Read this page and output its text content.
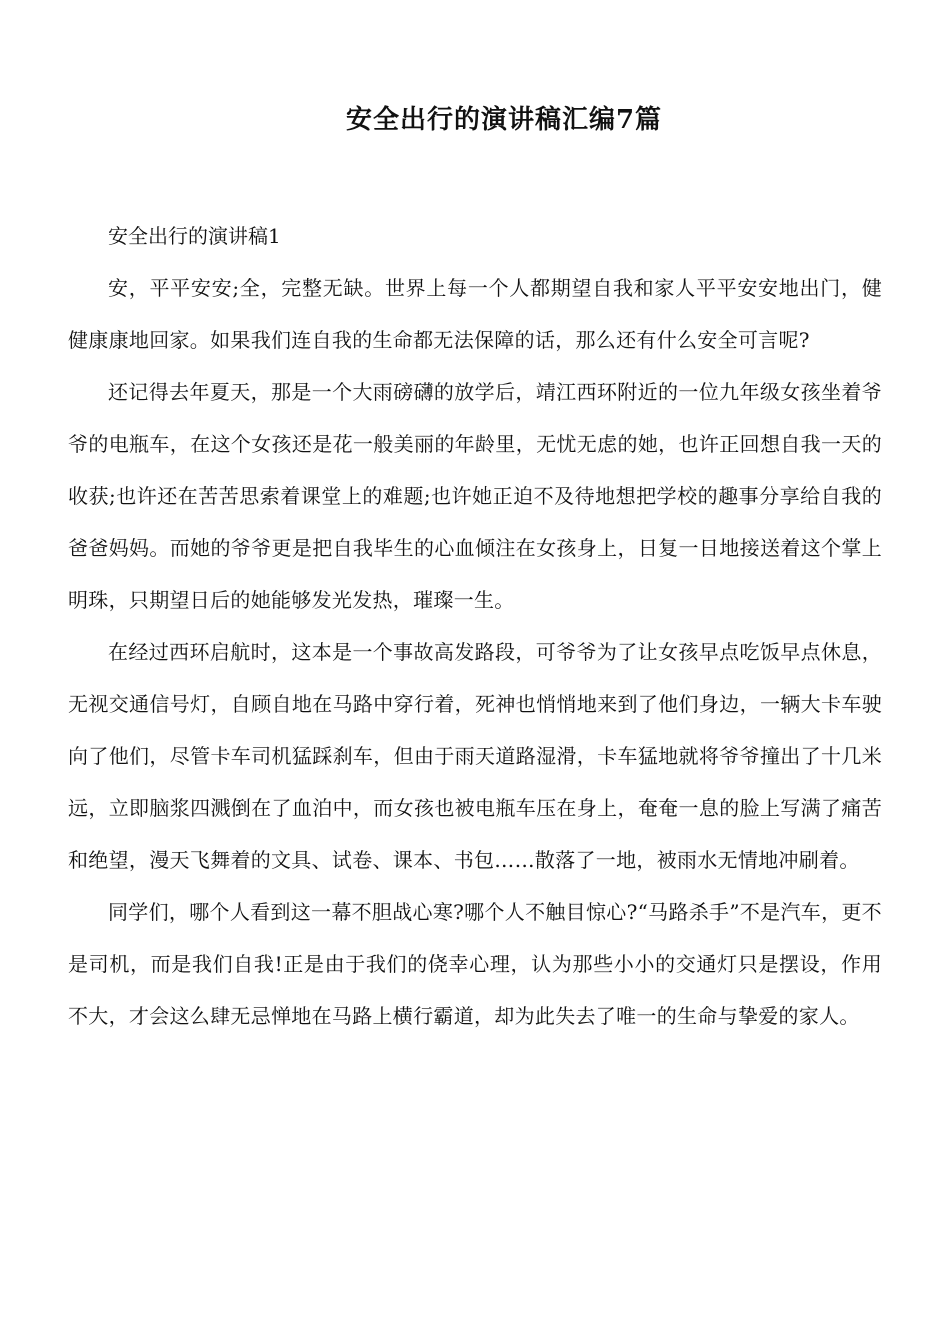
安全出行的演讲稿汇编7篇

安全出行的演讲稿1

安，平平安安;全，完整无缺。世界上每一个人都期望自我和家人平平安安地出门，健健康康地回家。如果我们连自我的生命都无法保障的话，那么还有什么安全可言呢?

还记得去年夏天，那是一个大雨磅礴的放学后，靖江西环附近的一位九年级女孩坐着爷爷的电瓶车，在这个女孩还是花一般美丽的年龄里，无忧无虑的她，也许正回想自我一天的收获;也许还在苦苦思索着课堂上的难题;也许她正迫不及待地想把学校的趣事分享给自我的爸爸妈妈。而她的爷爷更是把自我毕生的心血倾注在女孩身上，日复一日地接送着这个掌上明珠，只期望日后的她能够发光发热，璀璨一生。

在经过西环启航时，这本是一个事故高发路段，可爷爷为了让女孩早点吃饭早点休息，无视交通信号灯，自顾自地在马路中穿行着，死神也悄悄地来到了他们身边，一辆大卡车驶向了他们，尽管卡车司机猛踩刹车，但由于雨天道路湿滑，卡车猛地就将爷爷撞出了十几米远，立即脑浆四溅倒在了血泊中，而女孩也被电瓶车压在身上，奄奄一息的脸上写满了痛苦和绝望，漫天飞舞着的文具、试卷、课本、书包……散落了一地，被雨水无情地冲刷着。

同学们，哪个人看到这一幕不胆战心寒?哪个人不触目惊心?“马路杀手”不是汽车，更不是司机，而是我们自我!正是由于我们的侥幸心理，认为那些小小的交通灯只是摆设，作用不大，才会这么肆无忌惮地在马路上横行霸道，却为此失去了唯一的生命与挚爱的家人。
